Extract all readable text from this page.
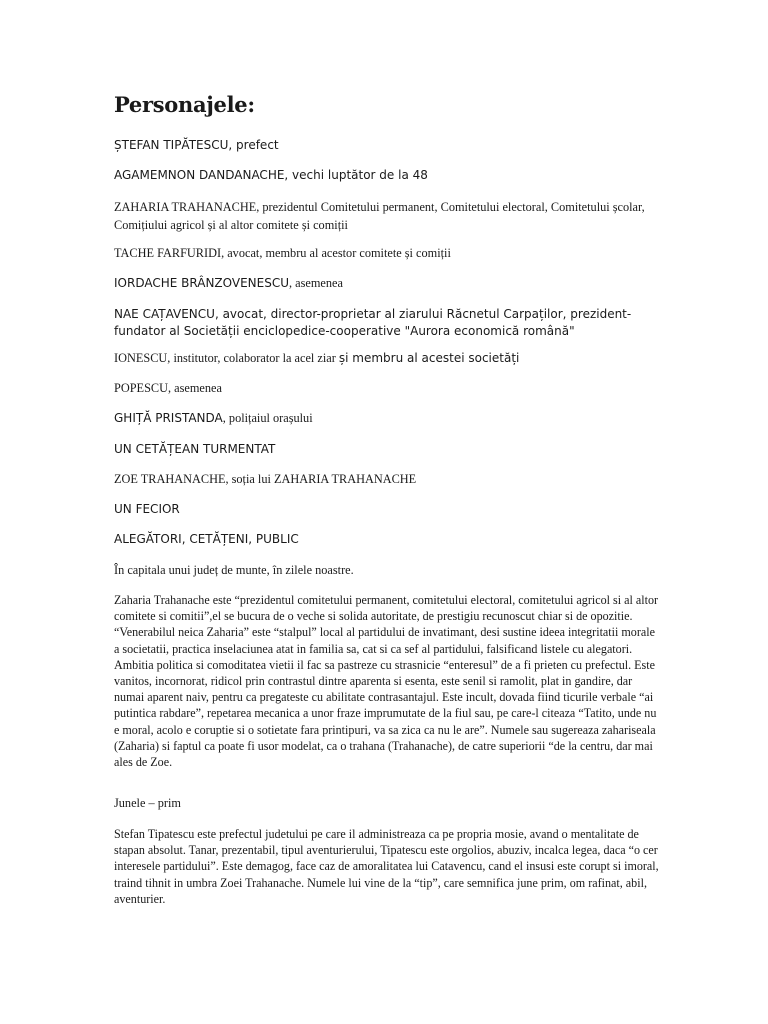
Personajele:

ȘTEFAN TIPĂTESCU, prefect

AGAMEMNON DANDANACHE, vechi luptător de la 48

ZAHARIA TRAHANACHE, prezidentul Comitetului permanent, Comitetului electoral, Comitetului școlar, Comițiului agricol și al altor comitete și comiții

TACHE FARFURIDI, avocat, membru al acestor comitete și comiții

IORDACHE BRÂNZOVENESCU, asemenea

NAE CAȚAVENCU, avocat, director-proprietar al ziarului Răcnetul Carpaților, prezident-fundator al Societății enciclopedice-cooperative "Aurora economică română"

IONESCU, institutor, colaborator la acel ziar și membru al acestei societăți

POPESCU, asemenea

GHIȚĂ PRISTANDA, polițaiul orașului

UN CETĂȚEAN TURMENTAT

ZOE TRAHANACHE, soția lui ZAHARIA TRAHANACHE

UN FECIOR

ALEGĂTORI, CETĂȚENI, PUBLIC

În capitala unui județ de munte, în zilele noastre.

Zaharia Trahanache este “prezidentul comitetului permanent, comitetului electoral, comitetului agricol si al altor comitete si comitii”,el se bucura de o veche si solida autoritate, de prestigiu recunoscut chiar si de opozitie. “Venerabilul neica Zaharia” este “stalpul” local al partidului de invatimant, desi sustine ideea integritatii morale a societatii, practica inselaciunea atat in familia sa, cat si ca sef al partidului, falsificand listele cu alegatori. Ambitia politica si comoditatea vietii il fac sa pastreze cu strasnicie “enteresul” de a fi prieten cu prefectul. Este vanitos, incornorat, ridicol prin contrastul dintre aparenta si esenta, este senil si ramolit, plat in gandire, dar numai aparent naiv, pentru ca pregateste cu abilitate contrasantajul. Este incult, dovada fiind ticurile verbale “ai putintica rabdare”, repetarea mecanica a unor fraze imprumutate de la fiul sau, pe care-l citeaza “Tatito, unde nu e moral, acolo e coruptie si o sotietate fara printipuri, va sa zica ca nu le are”. Numele sau sugereaza zahariseala (Zaharia) si faptul ca poate fi usor modelat, ca o trahana (Trahanache), de catre superiorii “de la centru, dar mai ales de Zoe.

Junele – prim

Stefan Tipatescu este prefectul judetului pe care il administreaza ca pe propria mosie, avand o mentalitate de stapan absolut. Tanar, prezentabil, tipul aventurierului, Tipatescu este orgolios, abuziv, incalca legea, daca “o cer interesele partidului”. Este demagog, face caz de amoralitatea lui Catavencu, cand el insusi este corupt si imoral, traind tihnit in umbra Zoei Trahanache. Numele lui vine de la “tip”, care semnifica june prim, om rafinat, abil, aventurier.
